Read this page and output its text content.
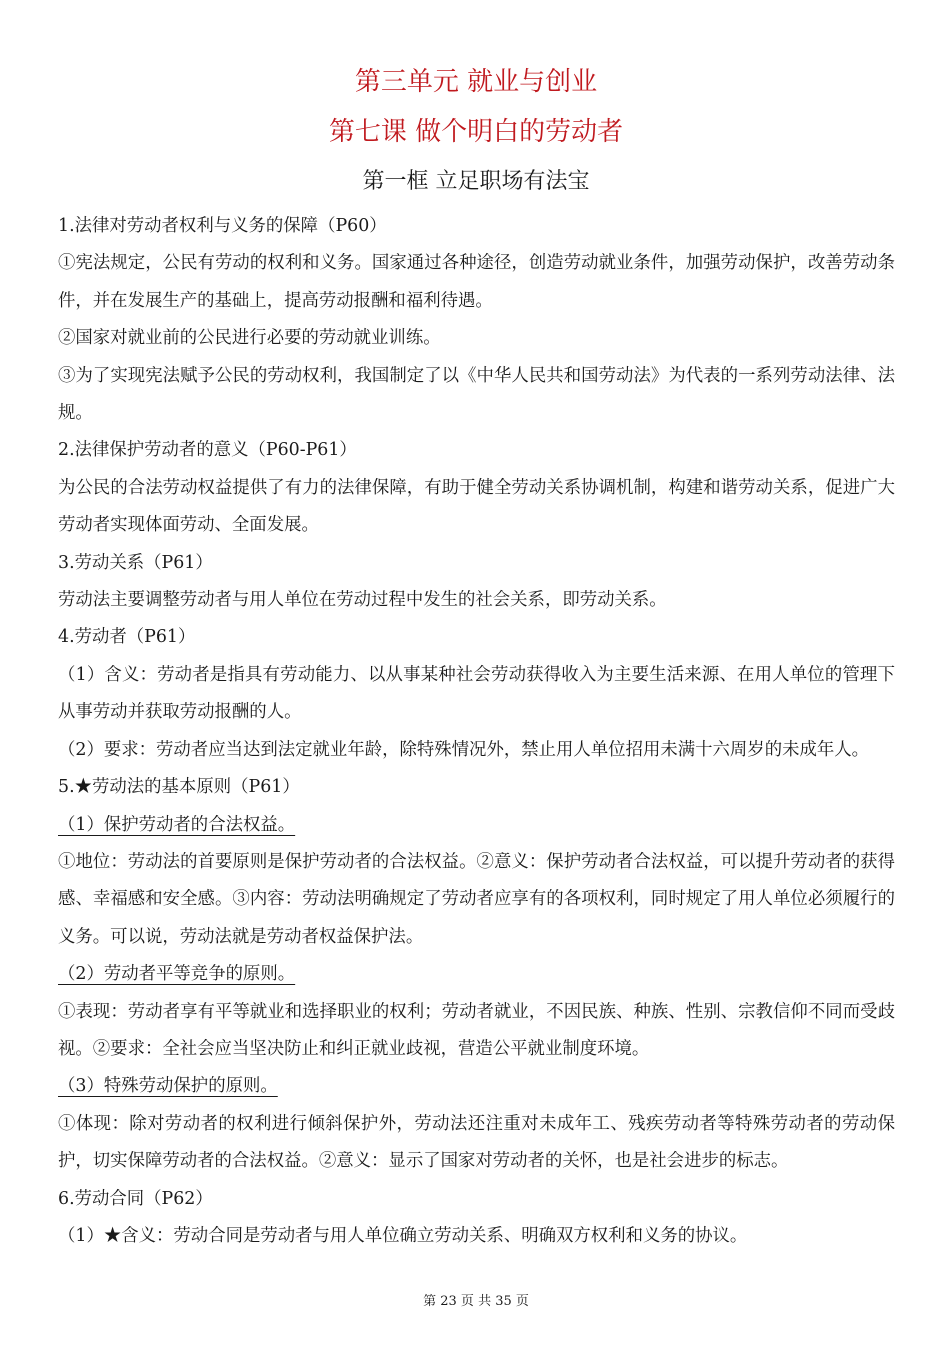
第三单元 就业与创业
第七课 做个明白的劳动者
第一框 立足职场有法宝

1.法律对劳动者权利与义务的保障（P60）

①宪法规定，公民有劳动的权利和义务。国家通过各种途径，创造劳动就业条件，加强劳动保护，改善劳动条件，并在发展生产的基础上，提高劳动报酬和福利待遇。

②国家对就业前的公民进行必要的劳动就业训练。

③为了实现宪法赋予公民的劳动权利，我国制定了以《中华人民共和国劳动法》为代表的一系列劳动法律、法规。

2.法律保护劳动者的意义（P60-P61）

为公民的合法劳动权益提供了有力的法律保障，有助于健全劳动关系协调机制，构建和谐劳动关系，促进广大劳动者实现体面劳动、全面发展。

3.劳动关系（P61）

劳动法主要调整劳动者与用人单位在劳动过程中发生的社会关系，即劳动关系。

4.劳动者（P61）

（1）含义：劳动者是指具有劳动能力、以从事某种社会劳动获得收入为主要生活来源、在用人单位的管理下从事劳动并获取劳动报酬的人。

（2）要求：劳动者应当达到法定就业年龄，除特殊情况外，禁止用人单位招用未满十六周岁的未成年人。

5.★劳动法的基本原则（P61）

（1）保护劳动者的合法权益。

①地位：劳动法的首要原则是保护劳动者的合法权益。②意义：保护劳动者合法权益，可以提升劳动者的获得感、幸福感和安全感。③内容：劳动法明确规定了劳动者应享有的各项权利，同时规定了用人单位必须履行的义务。可以说，劳动法就是劳动者权益保护法。

（2）劳动者平等竞争的原则。

①表现：劳动者享有平等就业和选择职业的权利；劳动者就业，不因民族、种族、性别、宗教信仰不同而受歧视。②要求：全社会应当坚决防止和纠正就业歧视，营造公平就业制度环境。

（3）特殊劳动保护的原则。

①体现：除对劳动者的权利进行倾斜保护外，劳动法还注重对未成年工、残疾劳动者等特殊劳动者的劳动保护，切实保障劳动者的合法权益。②意义：显示了国家对劳动者的关怀，也是社会进步的标志。

6.劳动合同（P62）

（1）★含义：劳动合同是劳动者与用人单位确立劳动关系、明确双方权利和义务的协议。

第 23 页 共 35 页
